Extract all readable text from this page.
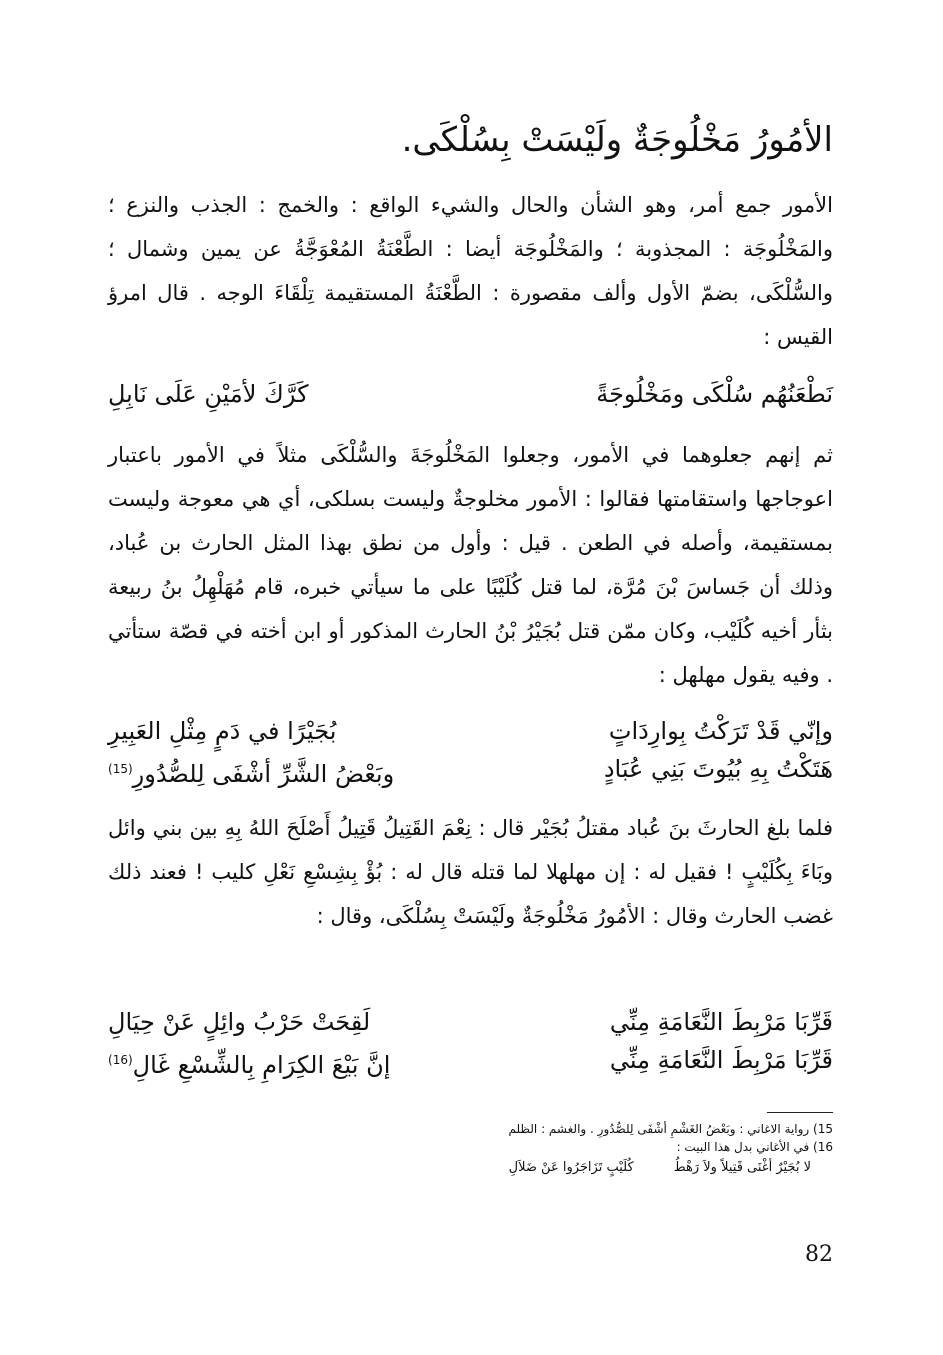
الأمُورُ مَخْلُوجَةٌ ولَيْسَتْ بِسُلْكَى.

الأمور جمع أمر، وهو الشأن والحال والشيء الواقع : والخمج : الجذب والنزع ؛ والمَخْلُوجَة : المجذوبة ؛ والمَخْلُوجَة أيضا : الطَّعْنَةُ المُعْوَجَّةُ عن يمين وشمال ؛ والسُّلْكَى، بضمّ الأول وألف مقصورة : الطَّعْنَةُ المستقيمة تِلْقَاءَ الوجه . قال امرؤ القيس :

نَطْعَنُهُم سُلْكَى ومَخْلُوجَةً
كَرَّكَ لأمَيْنِ عَلَى نَابِلِ

ثم إنهم جعلوهما في الأمور، وجعلوا المَخْلُوجَةَ والسُّلْكَى مثلاً في الأمور باعتبار اعوجاجها واستقامتها فقالوا : الأمور مخلوجةٌ وليست بسلكى، أي هي معوجة وليست بمستقيمة، وأصله في الطعن . قيل : وأول من نطق بهذا المثل الحارث بن عُباد، وذلك أن جَساسَ بْنَ مُرَّة، لما قتل كُلَيْبًا على ما سيأتي خبره، قام مُهَلْهِلُ بنُ ربيعة بثأر أخيه كُلَيْب، وكان ممّن قتل بُجَيْرُ بْنُ الحارث المذكور أو ابن أخته في قصّة ستأتي . وفيه يقول مهلهل :

وإنّي قَدْ تَرَكْتُ بِوارِدَاتٍ
بُجَيْرًا في دَمٍ مِثْلِ العَبِيرِ
هَتَكْتُ بِهِ بُيُوتَ بَنِي عُبَادٍ
وبَعْضُ الشَّرِّ أشْفَى لِلصُّدُورِ$^{(15)}$

فلما بلغ الحارثَ بنَ عُباد مقتلُ بُجَيْر قال : نِعْمَ القَتِيلُ قَتِيلُ أَصْلَحَ اللهُ بِهِ بين بني وائل وبَاءَ بِكُلَيْبٍ ! فقيل له : إن مهلهلا لما قتله قال له : بُؤْ بِشِسْعِ نَعْلِ كليب ! فعند ذلك غضب الحارث وقال : الأمُورُ مَخْلُوجَةٌ ولَيْسَتْ بِسُلْكَى، وقال :

قَرِّبَا مَرْبِطَ النَّعَامَةِ مِنِّي
لَقِحَتْ حَرْبُ وائِلٍ عَنْ حِيَالِ
قَرِّبَا مَرْبِطَ النَّعَامَةِ مِنِّي
إنَّ بَيْعَ الكِرَامِ بِالشِّسْعِ غَالِ$^{(16)}$
15) رواية الاغاني : وبَعْضُ الغَشْمِ أشْفَى لِلصُّدُورِ . والغشم : الظلم
16) في الأغاني بدل هذا البيت :
لا بُجَيْرٌ أغْنَى قَتِيلاً ولاَ رَهْطُ
كُلَيْبٍ تَزَاجَرُوا عَنْ ضَلاَلِ
82
